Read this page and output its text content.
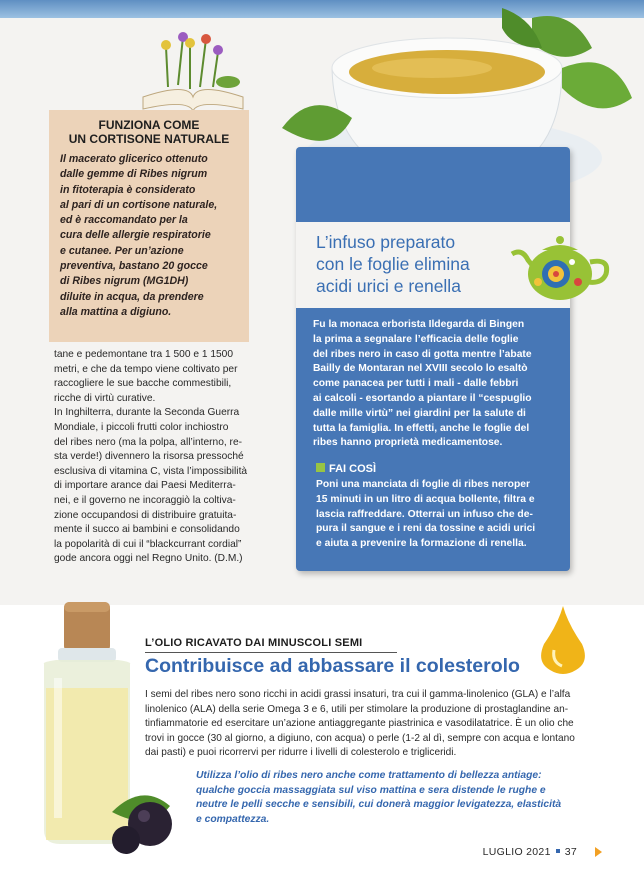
FUNZIONA COME
UN CORTISONE NATURALE
Il macerato glicerico ottenuto
dalle gemme di Ribes nigrum
in fitoterapia è considerato
al pari di un cortisone naturale,
ed è raccomandato per la
cura delle allergie respiratorie
e cutanee. Per un’azione
preventiva, bastano 20 gocce
di Ribes nigrum (MG1DH)
diluite in acqua, da prendere
alla mattina a digiuno.

tane e pedemontane tra 1 500 e 1 1500

metri, e che da tempo viene coltivato per

raccogliere le sue bacche commestibili,

ricche di virtù curative.

In Inghilterra, durante la Seconda Guerra

Mondiale, i piccoli frutti color inchiostro

del ribes nero (ma la polpa, all’interno, re-

sta verde!) divennero la risorsa pressoché

esclusiva di vitamina C, vista l’impossibilità

di importare arance dai Paesi Mediterra-

nei, e il governo ne incoraggiò la coltiva-

zione occupandosi di distribuire gratuita-

mente il succo ai bambini e consolidando

la popolarità di cui il “blackcurrant cordial”

gode ancora oggi nel Regno Unito. (D.M.)

L’infuso preparato
con le foglie elimina
acidi urici e renella
Fu la monaca erborista Ildegarda di Bingen
la prima a segnalare l’efficacia delle foglie
del ribes nero in caso di gotta mentre l’abate
Bailly de Montaran nel XVIII secolo lo esaltò
come panacea per tutti i mali - dalle febbri
ai calcoli - esortando a piantare il “cespuglio
dalle mille virtù” nei giardini per la salute di
tutta la famiglia. In effetti, anche le foglie del
ribes hanno proprietà medicamentose.
FAI COSÌ
Poni una manciata di foglie di ribes neroper
15 minuti in un litro di acqua bollente, filtra e
lascia raffreddare. Otterrai un infuso che de-
pura il sangue e i reni da tossine e acidi urici
e aiuta a prevenire la formazione di renella.
L’OLIO RICAVATO DAI MINUSCOLI SEMI
Contribuisce ad abbassare il colesterolo
I semi del ribes nero sono ricchi in acidi grassi insaturi, tra cui il gamma-linolenico (GLA) e l’alfa
linolenico (ALA) della serie Omega 3 e 6, utili per stimolare la produzione di prostaglandine an-
tinfiammatorie ed esercitare un’azione antiaggregante piastrinica e vasodilatatrice. È un olio che
trovi in gocce (30 al giorno, a digiuno, con acqua) o perle (1-2 al dì, sempre con acqua e lontano
dai pasti) e puoi ricorrervi per ridurre i livelli di colesterolo e trigliceridi.
Utilizza l’olio di ribes nero anche come trattamento di bellezza antiage:
qualche goccia massaggiata sul viso mattina e sera distende le rughe e
neutre le pelli secche e sensibili, cui donerà maggior levigatezza, elasticità
e compattezza.
LUGLIO 2021 37
